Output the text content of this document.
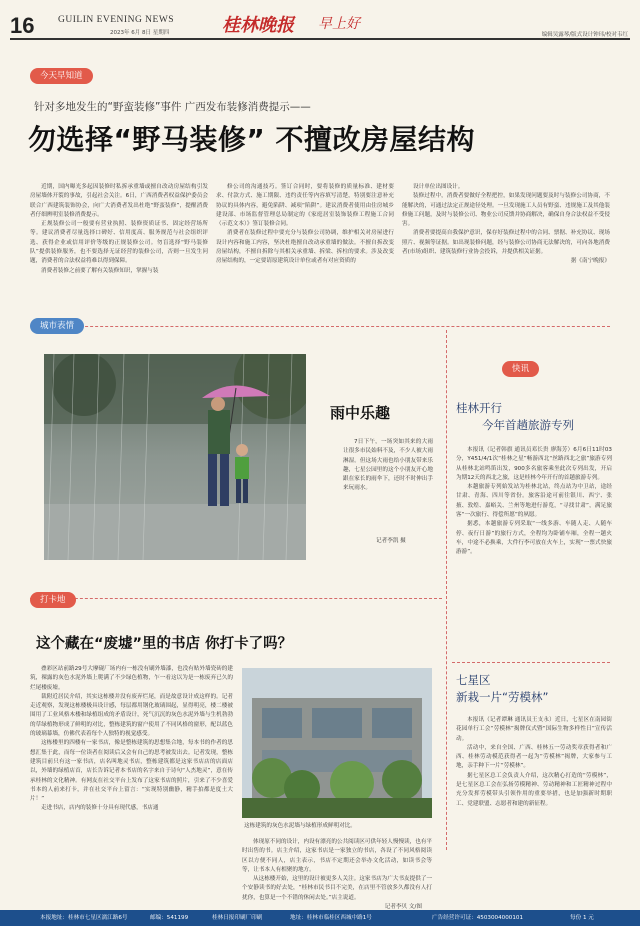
16 GUILIN EVENING NEWS
2023年 6月 8日 星期四	桂林晚报 早上好
编辑吴露琴/版式设计钟玮/校对韦红
今天早知道
针对多地发生的“野蛮装修”事件 广西发布装修消费提示——
勿选择“野马装修” 不擅改房屋结构

近期，国内曝光多起因装修时私拆承重墙或擅自改动房屋结构引发房屋墙体开裂的事故，引起社会关注。6日，广西消费者权益保护委员会联合广西建筑装饰协会，向广大消费者发出杜绝“野蛮装修”，提醒消费者仔细辨明室装修消费提示。

正规装修公司一般要有营业执照、装修资质证书、固定经营场所等。建议消费者尽量选择口碑好、信用度高、服务规范与社会组织评选、获得企业或信用评价等级的正规装修公司。勿盲选择“野马装修队”提供装修服务，也不要选择无证经营的装修公司，否则一旦发生问题，消费者的合法权益将难以得到保障。

消费者装修之前要了解有关装修知识，掌握与装

修公司的沟通技巧。签订合同时，要将装修的质量标准、建材要求、付款方式、施工期限、违约责任等内容填写清楚，特别要注意补充协议的具体内容，避免陷阱、减项“陷阱”。建议消费者使用由住房城乡建设部、市场监督管理总局制定的《家庭居室装饰装修工程施工合同（示范文本）》签订装修合同。

消费者在装修过程中要充分与装修公司协调，维护相关对房屋进行设计内容和施工内容，坚决杜绝擅自改动承重墙的做法。不擅自拆改变房屋结构，不擅自拆除与其相关承重墙、拆梁、拆柱的要求。涉及改变房屋结构的，一定要请原建筑设计单位或者有对应资质的

设计单位出图设计。

装修过程中，消费者要做好全程把控，如果发现问题要及时与装修公司协商，不能解决的，可通过法定正规途径处理。一旦发现施工人员有野蛮、违规施工及其他装修施工问题，及时与装修公司、物业公司反馈并协商解决，确保自身合法权益不受侵害。

消费者要提高自我保护意识，保存好装修过程中的合同、票据、补充协议、现场照片、视频等证据。如出现装修问题，经与装修公司协商无法解决的，可向各地消费者(市场)组织、建筑装修行业协会投诉，并提供相关证据。

据《南宁晚报》

城市表情
雨中乐趣
7日下午，一场突如其来的大雨让很多市民始料不及，不少人被大雨淋湿。但这场大雨也给小朋友带来乐趣，七星公园里的这个小朋友开心地跟在家长的雨伞下，还时不时伸出手来玩雨水。
记者李凯 摄
打卡地
这个藏在“废墟”里的书店 你打卡了吗？

叠彩区站前路29号大摩砚厂场内有一栋没有刷外墙漆，也没有贴外墙瓷砖的建筑，裸露的灰色水泥外墙上爬满了不少绿色植物，乍一看这以为是一栋废弃已久的烂尾楼废墟。

裁附近居民介绍，其实这栋楼并没有废弃烂尾，而是故意设计成这样的。记者走近观察，发现这栋楼极具设计感，每层都用钢化玻璃围起，显得明亮，楼二楼被围用了工业风格木楼和绿植组成的矛盾设计，死气沉沉的灰色水泥外墙与生机勃勃的草绿植物形成了鲜明的对比，整栋建筑的窗户使用了不同风格的窗形，配以蓝色的玻璃幕墙，仿佛代表着每个人独特的视觉感受。

这栋楼里的四楼有一家书店，像是整栋建筑的思想集合地，每本书的作者的思想汇集于此，而每一位读者在阅读后又会有自己的思考被发出去。记者发现，整栋建筑目前只有这一家书店，店名叫地灵书店，整栋建筑都是这家书店店的店面店以，外墙的绿植店首，店长告诉记者本书店的名字来自于诗句“人杰地灵”，意在传承桂林的文化精神。有网友在社交平台上发布了这家书店的照片，引来了不少喜爱书本的人前来打卡，并在社交平台上留言：“实现特别幽静，精手拍都是度土大片！”

走进书店，店内的装修十分具有现代感，书店通

这栋建筑的灰色水泥墙与绿植形成鲜明对比。

体现原不同的设计，内设有漂亮的公共阅读区可供年轻人慢慢读，也有平时出售的书。店主介绍，这家书店是一家独立的书店，各设了不同风格阅读区以方便不同人，店主表示，书店不定期还会举办文化活动，如读书会等等，让书本人有相聚的地方。

从这栋楼开始，这里的设计被更多人关注。这家书店为广大书友提供了一个安静读书的好去处，“桂林市民书目不完美，在店里不管放多久都没有人打扰你，也算是一个不错的休闲去处。”店主说道。

记者李贝 文/图

快讯
桂林开行
今年首趟旅游专列

本报讯（记者韩旗 通讯员邓长贵 廖海芳）6月6日11时03分，Y451/4/1次“桂林之星”畅游西北“丝路西北之旅”旅游专列从桂林北站鸣笛出发，900多名旅客乘坐此次专列出发，开启为期12天的西北之旅，这是桂林今年开行的首趟旅游专列。

本趟旅游专列始发站为桂林北站，终点站为中卫站，途经甘肃、青海、四川等省份。旅客沿途可前往银川、西宁、张掖、敦煌、嘉峪关、兰州等地进行游览，“寻找甘肃”，满足旅客“一次旅行、得偿所愿”的夙愿。

据悉，本趟旅游专列采取“一线多游、车随人走、人随车停、夜行日游”的旅行方式，全程均为卧铺车厢，全程一趟火车，中途不必换乘，大件行李可放在火车上，实现“一票式快旅游游”。

七星区
新栽一片“劳模林”

本报讯（记者谭琳 通讯员王支永）近日，七星区在南园街花园单行工会“劳模林”揭牌仪式暨“国际生物多样性日”宣传活动。

活动中，来自全国、广西、桂林五一劳动奖章获得者和广西、桂林劳动模范获得者一起为“劳模林”揭牌，大家参与工地，亲手种下一片“劳模林”。

据七星区总工会负责人介绍，这次精心打造的“劳模林”，是七星区总工会在弘扬劳模精神、劳动精神和工匠精神过程中充分发挥劳模带头引领作用的重要举措，也是加强新时期职工、党建联盟、志愿者和建的新征程。

本报地址：桂林市七星区漓江路6号	邮编：541199	桂林日报印刷厂印刷	地址：桂林市临桂区西城中路1号	广告经营许可证：4503004000101	每份 1 元
